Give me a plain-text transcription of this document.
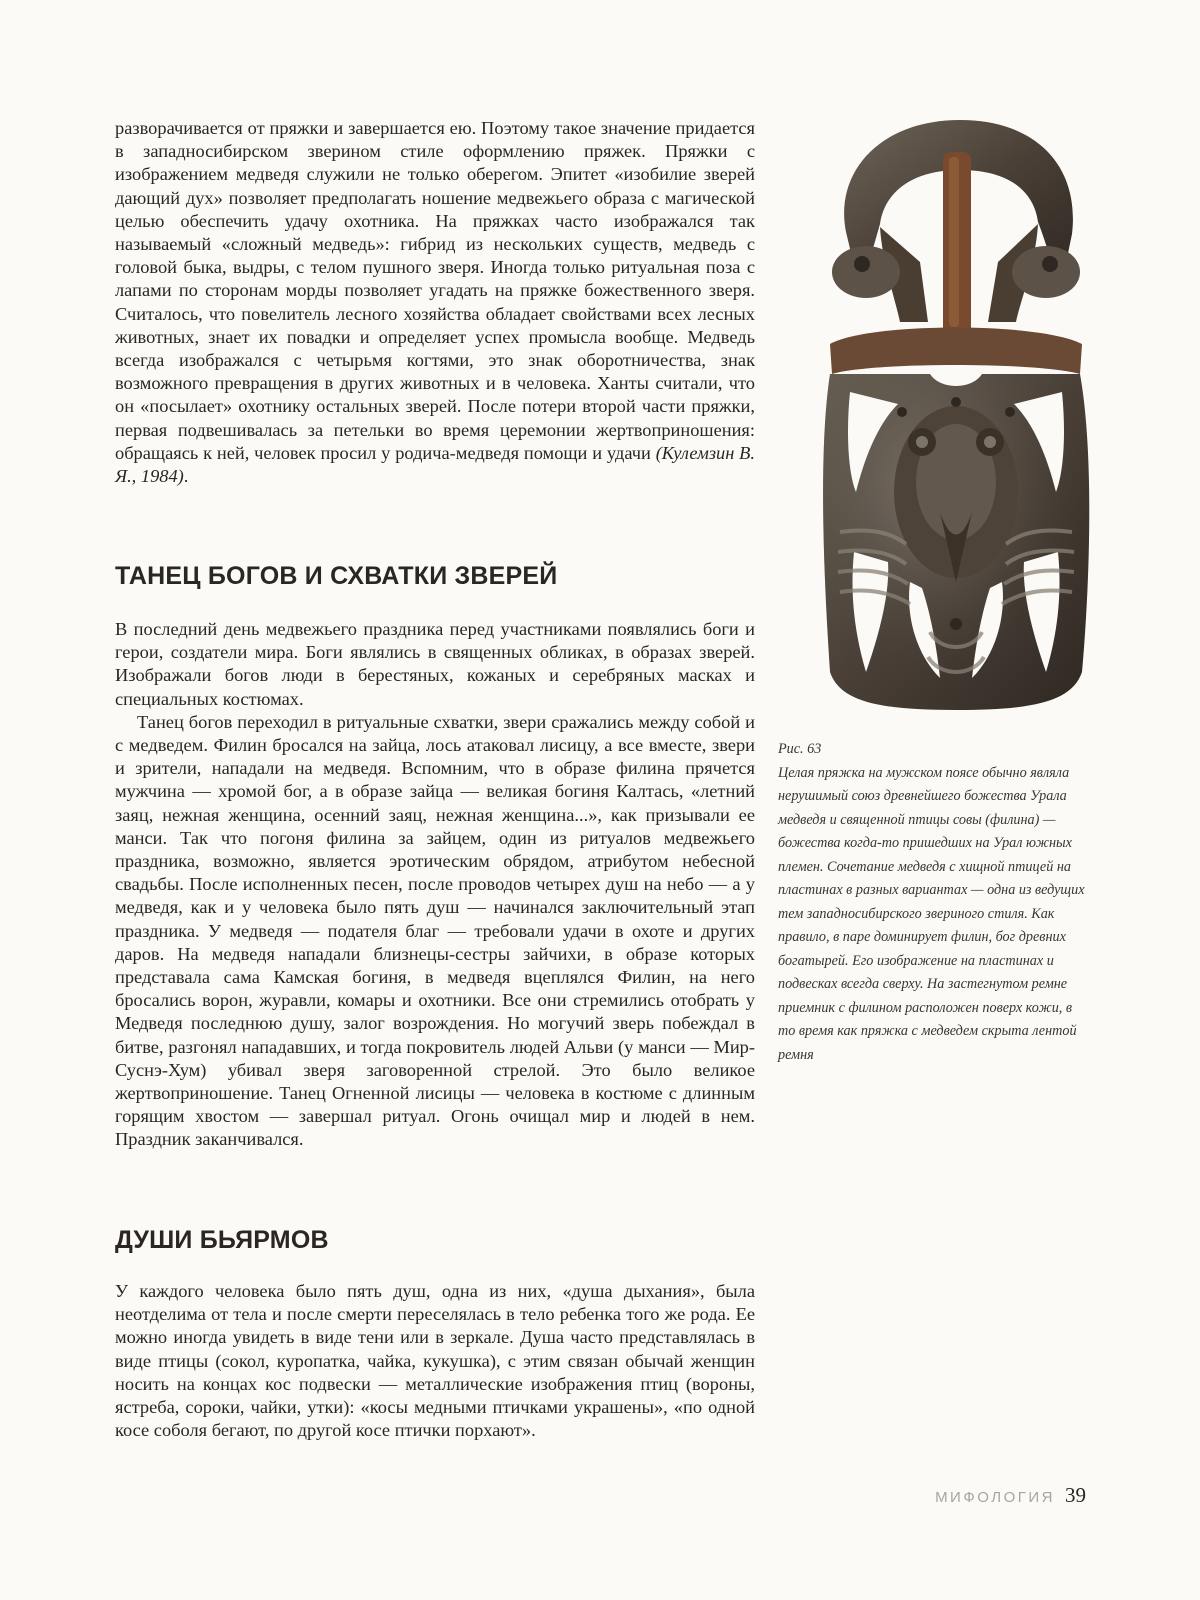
разворачивается от пряжки и завершается ею. Поэтому такое значение придается в западносибирском зверином стиле оформлению пряжек. Пряжки с изображением медведя служили не только оберегом. Эпитет «изобилие зверей дающий дух» позволяет предполагать ношение медвежьего образа с магической целью обеспечить удачу охотника. На пряжках часто изображался так называемый «сложный медведь»: гибрид из нескольких существ, медведь с головой быка, выдры, с телом пушного зверя. Иногда только ритуальная поза с лапами по сторонам морды позволяет угадать на пряжке божественного зверя. Считалось, что повелитель лесного хозяйства обладает свойствами всех лесных животных, знает их повадки и определяет успех промысла вообще. Медведь всегда изображался с четырьмя когтями, это знак оборотничества, знак возможного превращения в других животных и в человека. Ханты считали, что он «посылает» охотнику остальных зверей. После потери второй части пряжки, первая подвешивалась за петельки во время церемонии жертвоприношения: обращаясь к ней, человек просил у родича-медведя помощи и удачи (Кулемзин В. Я., 1984).

ТАНЕЦ БОГОВ И СХВАТКИ ЗВЕРЕЙ

В последний день медвежьего праздника перед участниками появлялись боги и герои, создатели мира. Боги являлись в священных обликах, в образах зверей. Изображали богов люди в берестяных, кожаных и серебряных масках и специальных костюмах.

Танец богов переходил в ритуальные схватки, звери сражались между собой и с медведем. Филин бросался на зайца, лось атаковал лисицу, а все вместе, звери и зрители, нападали на медведя. Вспомним, что в образе филина прячется мужчина — хромой бог, а в образе зайца — великая богиня Калтась, «летний заяц, нежная женщина, осенний заяц, нежная женщина...», как призывали ее манси. Так что погоня филина за зайцем, один из ритуалов медвежьего праздника, возможно, является эротическим обрядом, атрибутом небесной свадьбы. После исполненных песен, после проводов четырех душ на небо — а у медведя, как и у человека было пять душ — начинался заключительный этап праздника. У медведя — подателя благ — требовали удачи в охоте и других даров. На медведя нападали близнецы-сестры зайчихи, в образе которых представала сама Камская богиня, в медведя вцеплялся Филин, на него бросались ворон, журавли, комары и охотники. Все они стремились отобрать у Медведя последнюю душу, залог возрождения. Но могучий зверь побеждал в битве, разгонял нападавших, и тогда покровитель людей Альви (у манси — Мир-Суснэ-Хум) убивал зверя заговоренной стрелой. Это было великое жертвоприношение. Танец Огненной лисицы — человека в костюме с длинным горящим хвостом — завершал ритуал. Огонь очищал мир и людей в нем. Праздник заканчивался.

ДУШИ БЬЯРМОВ

У каждого человека было пять душ, одна из них, «душа дыхания», была неотделима от тела и после смерти переселялась в тело ребенка того же рода. Ее можно иногда увидеть в виде тени или в зеркале. Душа часто представлялась в виде птицы (сокол, куропатка, чайка, кукушка), с этим связан обычай женщин носить на концах кос подвески — металлические изображения птиц (вороны, ястреба, сороки, чайки, утки): «косы медными птичками украшены», «по одной косе соболя бегают, по другой косе птички порхают».

Рис. 63
Целая пряжка на мужском поясе обычно являла нерушимый союз древнейшего божества Урала медведя и священной птицы совы (филина) — божества когда-то пришедших на Урал южных племен. Сочетание медведя с хищной птицей на пластинах в разных вариантах — одна из ведущих тем западносибирского звериного стиля. Как правило, в паре доминирует филин, бог древних богатырей. Его изображение на пластинах и подвесках всегда сверху. На застегнутом ремне приемник с филином расположен поверх кожи, в то время как пряжка с медведем скрыта лентой ремня
МИФОЛОГИЯ 39
